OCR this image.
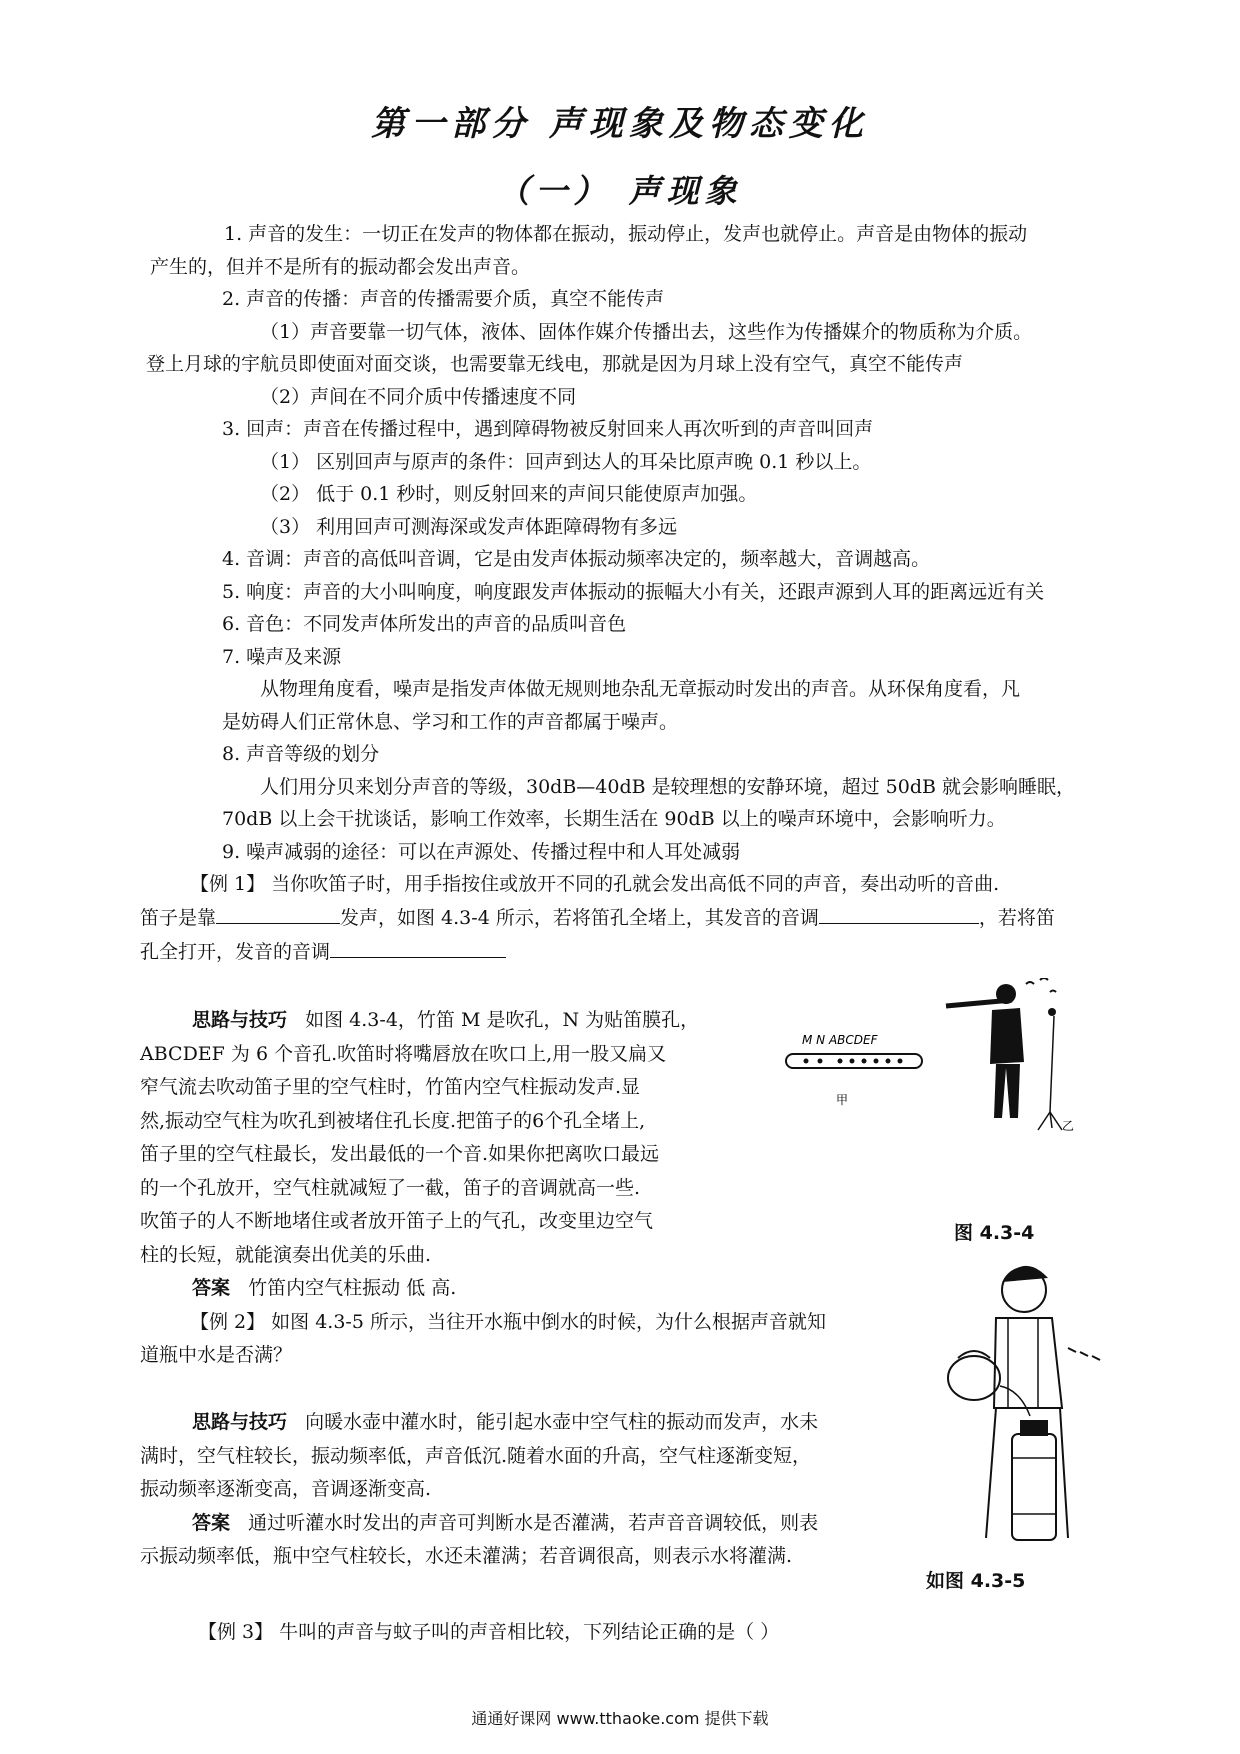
第一部分 声现象及物态变化
（一） 声现象

1. 声音的发生：一切正在发声的物体都在振动，振动停止，发声也就停止。声音是由物体的振动

产生的，但并不是所有的振动都会发出声音。

2. 声音的传播：声音的传播需要介质，真空不能传声

（1）声音要靠一切气体，液体、固体作媒介传播出去，这些作为传播媒介的物质称为介质。

登上月球的宇航员即使面对面交谈，也需要靠无线电，那就是因为月球上没有空气，真空不能传声

（2）声间在不同介质中传播速度不同

3. 回声：声音在传播过程中，遇到障碍物被反射回来人再次听到的声音叫回声

（1） 区别回声与原声的条件：回声到达人的耳朵比原声晚 0.1 秒以上。

（2） 低于 0.1 秒时，则反射回来的声间只能使原声加强。

（3） 利用回声可测海深或发声体距障碍物有多远

4. 音调：声音的高低叫音调，它是由发声体振动频率决定的，频率越大，音调越高。

5. 响度：声音的大小叫响度，响度跟发声体振动的振幅大小有关，还跟声源到人耳的距离远近有关

6. 音色：不同发声体所发出的声音的品质叫音色

7. 噪声及来源

从物理角度看，噪声是指发声体做无规则地杂乱无章振动时发出的声音。从环保角度看，凡

是妨碍人们正常休息、学习和工作的声音都属于噪声。

8. 声音等级的划分

人们用分贝来划分声音的等级，30dB—40dB 是较理想的安静环境，超过 50dB 就会影响睡眠，

70dB 以上会干扰谈话，影响工作效率，长期生活在 90dB 以上的噪声环境中，会影响听力。

9. 噪声减弱的途径：可以在声源处、传播过程中和人耳处减弱

【例 1】 当你吹笛子时，用手指按住或放开不同的孔就会发出高低不同的声音，奏出动听的音曲.

笛子是靠	发声，如图 4.3-4 所示，若将笛孔全堵上，其发音的音调	，若将笛

孔全打开，发音的音调

思路与技巧 如图 4.3-4，竹笛 M 是吹孔，N 为贴笛膜孔，

ABCDEF 为 6 个音孔.吹笛时将嘴唇放在吹口上,用一股又扁又

窄气流去吹动笛子里的空气柱时，竹笛内空气柱振动发声.显

然,振动空气柱为吹孔到被堵住孔长度.把笛子的6个孔全堵上,

笛子里的空气柱最长，发出最低的一个音.如果你把离吹口最远

的一个孔放开，空气柱就减短了一截，笛子的音调就高一些.

吹笛子的人不断地堵住或者放开笛子上的气孔，改变里边空气

柱的长短，就能演奏出优美的乐曲.

答案 竹笛内空气柱振动 低 高.

【例 2】 如图 4.3-5 所示，当往开水瓶中倒水的时候，为什么根据声音就知

道瓶中水是否满？

思路与技巧 向暖水壶中灌水时，能引起水壶中空气柱的振动而发声，水未

满时，空气柱较长，振动频率低，声音低沉.随着水面的升高，空气柱逐渐变短，

振动频率逐渐变高，音调逐渐变高.

答案 通过听灌水时发出的声音可判断水是否灌满，若声音音调较低，则表

示振动频率低，瓶中空气柱较长，水还未灌满；若音调很高，则表示水将灌满.

【例 3】 牛叫的声音与蚊子叫的声音相比较，下列结论正确的是（ ）

M N ABCDEF
甲
乙
图 4.3-4
如图 4.3-5
通通好课网 www.tthaoke.com 提供下载
